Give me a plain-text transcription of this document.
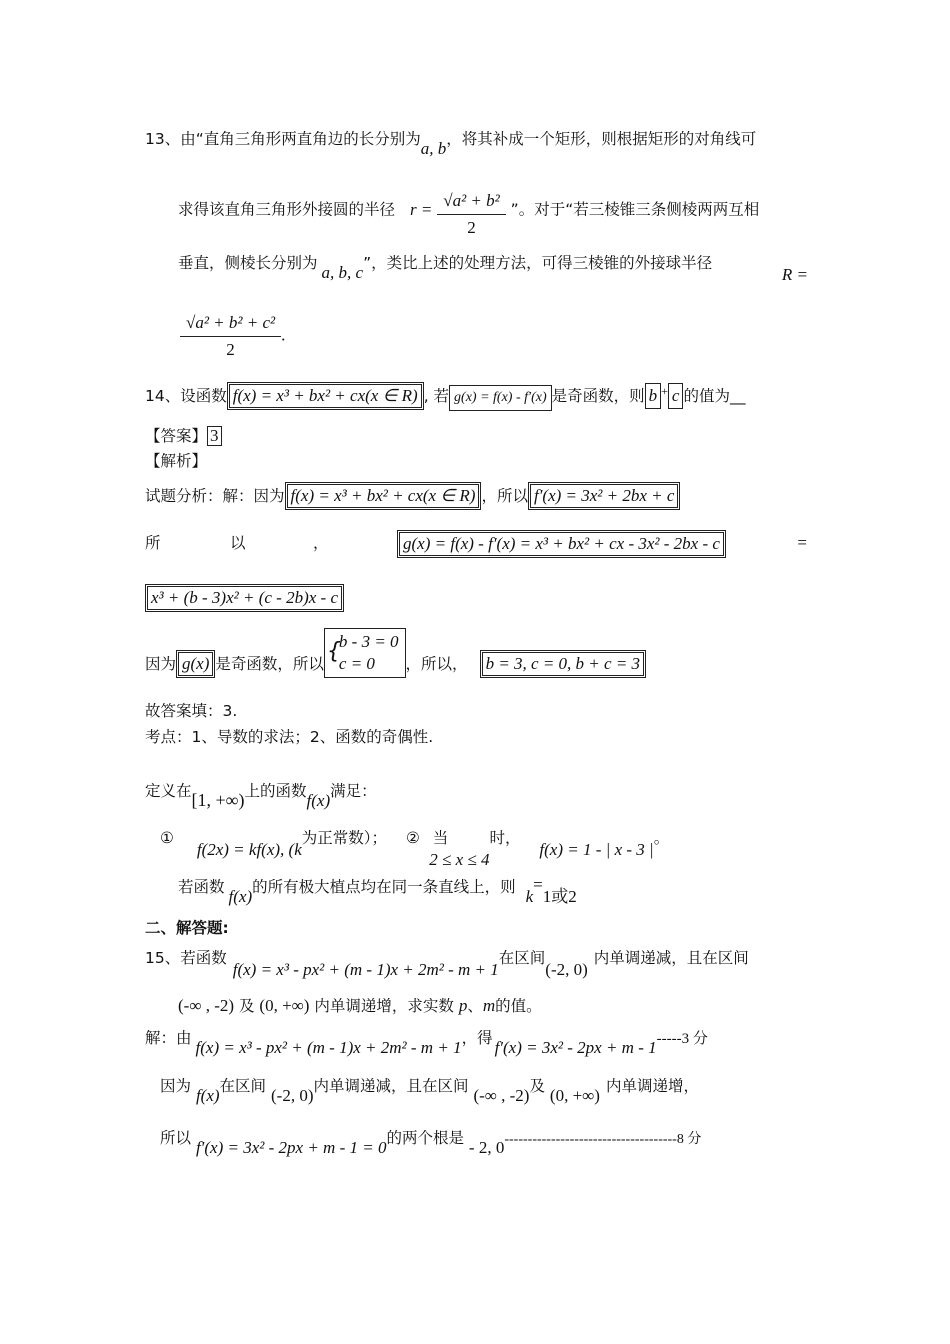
13、由“直角三角形两直角边的长分别为a, b，将其补成一个矩形，则根据矩形的对角线可
求得该直角三角形外接圆的半径 $r = \frac{\text{√a² + b²}}{2}$ ”。对于“若三棱锥三条侧棱两两互相
垂直，侧棱长分别为 a, b, c”，类比上述的处理方法，可得三棱锥的外接球半径
R =
$\frac{\text{√a² + b² + c²}}{2}$ .
14、设函数 f(x) = x³ + bx² + cx(x ∈ R) , 若 g(x) = f(x) - f′(x) 是奇函数，则 b + c 的值为__
【答案】 3
【解析】
试题分析：解：因为 f(x) = x³ + bx² + cx(x ∈ R) ，所以 f′(x) = 3x² + 2bx + c
所	以	，	g(x) = f(x) - f′(x) = x³ + bx² + cx - 3x² - 2bx - c	=
x³ + (b - 3)x² + (c - 2b)x - c
因为 g(x) 是奇函数，所以
{ b - 3 = 0
c = 0	，所以， b = 3, c = 0, b + c = 3
故答案填：3.
考点：1、导数的求法；2、函数的奇偶性.
定义在[1, +∞)上的函数f(x)满足：
① f(2x) = kf(x), (k为正常数）； ② 当 2 ≤ x ≤ 4时， f(x) = 1 - | x - 3 |。
若函数 f(x)的所有极大植点均在同一条直线上，则 k=1或2
二、解答题:
15、若函数f(x) = x³ - px² + (m - 1)x + 2m² - m + 1在区间(-2, 0)内单调递减，且在区间
(-∞ , -2) 及 (0, +∞) 内单调递增，求实数 p、m的值。
解：由 f(x) = x³ - px² + (m - 1)x + 2m² - m + 1，得 f′(x) = 3x² - 2px + m - 1-----3 分
因为 f(x)在区间 (-2, 0)内单调递减，且在区间 (-∞ , -2)及 (0, +∞) 内单调递增，
所以 f′(x) = 3x² - 2px + m - 1 = 0的两个根是 - 2, 0-------------------------------------8 分
